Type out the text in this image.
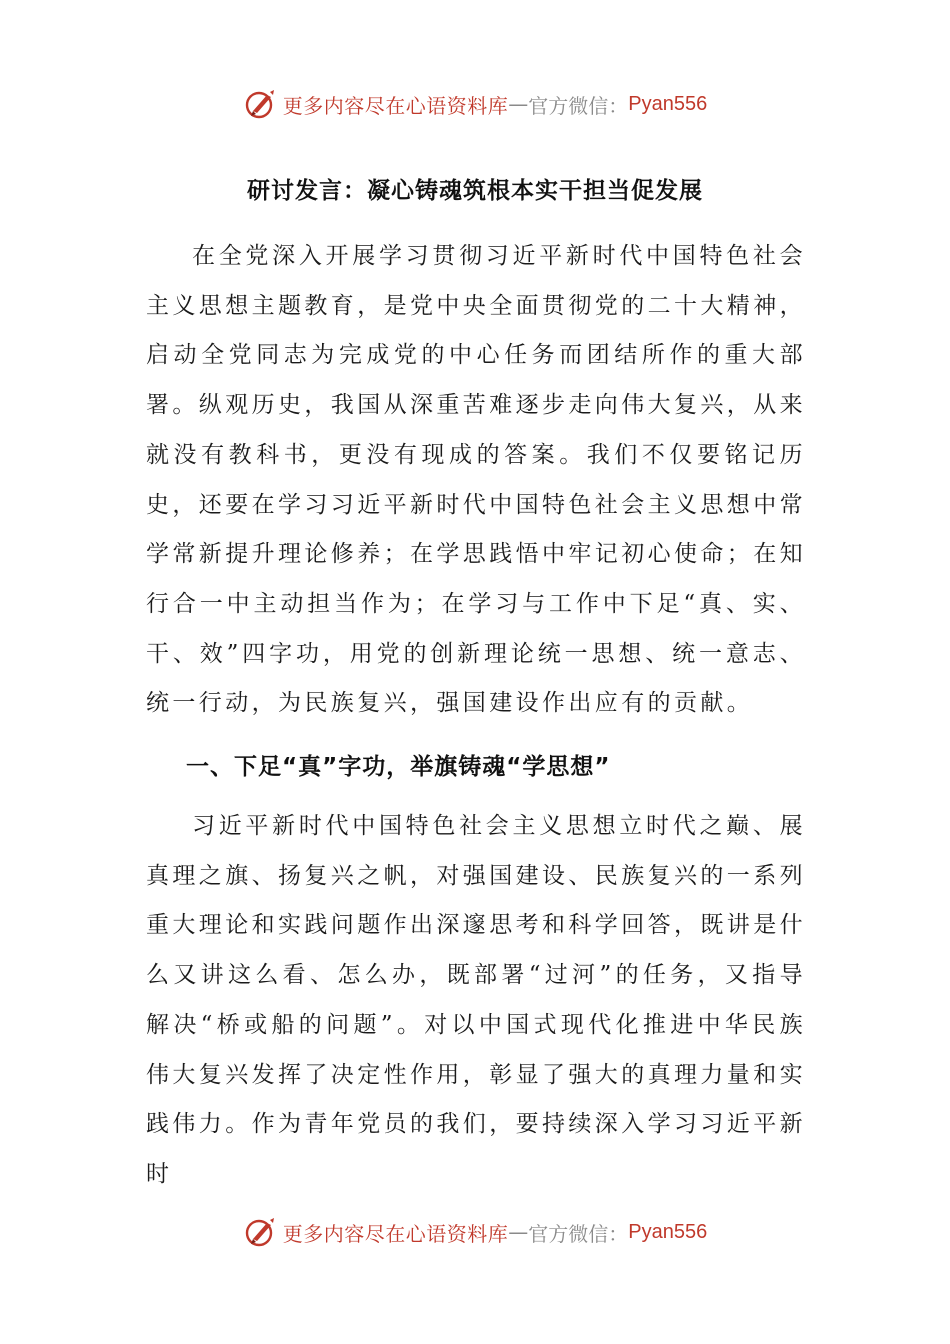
更多内容尽在心语资料库 — 官方微信： Pyan556
研讨发言：凝心铸魂筑根本实干担当促发展

在全党深入开展学习贯彻习近平新时代中国特色社会主义思想主题教育，是党中央全面贯彻党的二十大精神，启动全党同志为完成党的中心任务而团结所作的重大部署。纵观历史，我国从深重苦难逐步走向伟大复兴，从来就没有教科书，更没有现成的答案。我们不仅要铭记历史，还要在学习习近平新时代中国特色社会主义思想中常学常新提升理论修养；在学思践悟中牢记初心使命；在知行合一中主动担当作为；在学习与工作中下足“真、实、干、效”四字功，用党的创新理论统一思想、统一意志、统一行动，为民族复兴，强国建设作出应有的贡献。

一、下足“真”字功，举旗铸魂“学思想”

习近平新时代中国特色社会主义思想立时代之巅、展真理之旗、扬复兴之帆，对强国建设、民族复兴的一系列重大理论和实践问题作出深邃思考和科学回答，既讲是什么又讲这么看、怎么办，既部署“过河”的任务，又指导解决“桥或船的问题”。对以中国式现代化推进中华民族伟大复兴发挥了决定性作用，彰显了强大的真理力量和实践伟力。作为青年党员的我们，要持续深入学习习近平新时

更多内容尽在心语资料库 — 官方微信： Pyan556
